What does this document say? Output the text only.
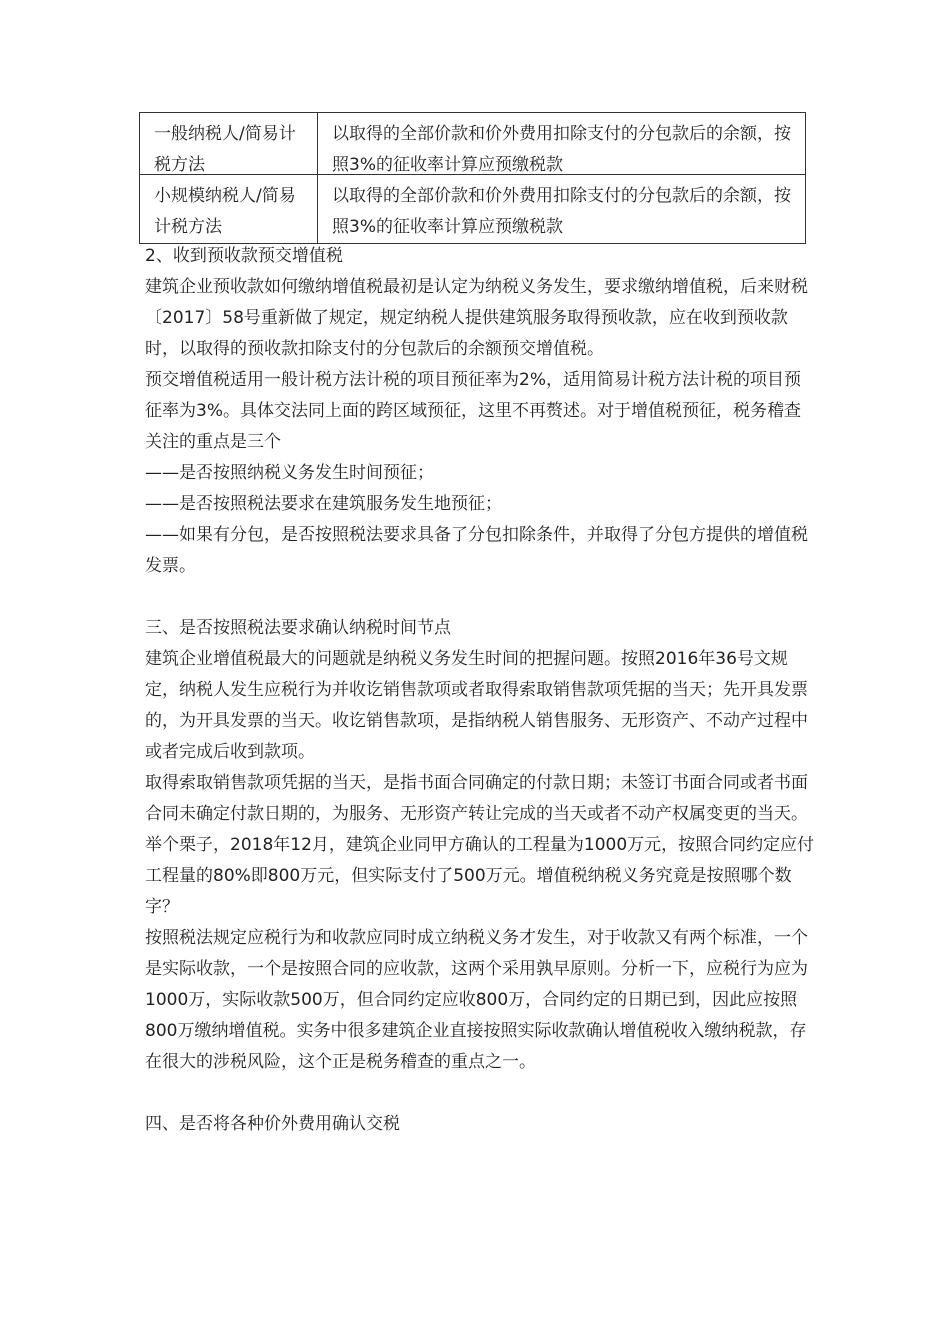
一般纳税人/简易计税方法	以取得的全部价款和价外费用扣除支付的分包款后的余额，按照3%的征收率计算应预缴税款

小规模纳税人/简易计税方法	以取得的全部价款和价外费用扣除支付的分包款后的余额，按照3%的征收率计算应预缴税款

2、收到预收款预交增值税

建筑企业预收款如何缴纳增值税最初是认定为纳税义务发生，要求缴纳增值税，后来财税〔2017〕58号重新做了规定，规定纳税人提供建筑服务取得预收款，应在收到预收款时，以取得的预收款扣除支付的分包款后的余额预交增值税。

预交增值税适用一般计税方法计税的项目预征率为2%，适用简易计税方法计税的项目预征率为3%。具体交法同上面的跨区域预征，这里不再赘述。对于增值税预征，税务稽查关注的重点是三个

——是否按照纳税义务发生时间预征；

——是否按照税法要求在建筑服务发生地预征；

——如果有分包，是否按照税法要求具备了分包扣除条件，并取得了分包方提供的增值税发票。

三、是否按照税法要求确认纳税时间节点

建筑企业增值税最大的问题就是纳税义务发生时间的把握问题。按照2016年36号文规定，纳税人发生应税行为并收讫销售款项或者取得索取销售款项凭据的当天；先开具发票的，为开具发票的当天。收讫销售款项，是指纳税人销售服务、无形资产、不动产过程中或者完成后收到款项。

取得索取销售款项凭据的当天，是指书面合同确定的付款日期；未签订书面合同或者书面合同未确定付款日期的，为服务、无形资产转让完成的当天或者不动产权属变更的当天。

举个栗子，2018年12月，建筑企业同甲方确认的工程量为1000万元，按照合同约定应付工程量的80%即800万元，但实际支付了500万元。增值税纳税义务究竟是按照哪个数字？

按照税法规定应税行为和收款应同时成立纳税义务才发生，对于收款又有两个标准，一个是实际收款，一个是按照合同的应收款，这两个采用孰早原则。分析一下，应税行为应为1000万，实际收款500万，但合同约定应收800万，合同约定的日期已到，因此应按照800万缴纳增值税。实务中很多建筑企业直接按照实际收款确认增值税收入缴纳税款，存在很大的涉税风险，这个正是税务稽查的重点之一。

四、是否将各种价外费用确认交税
